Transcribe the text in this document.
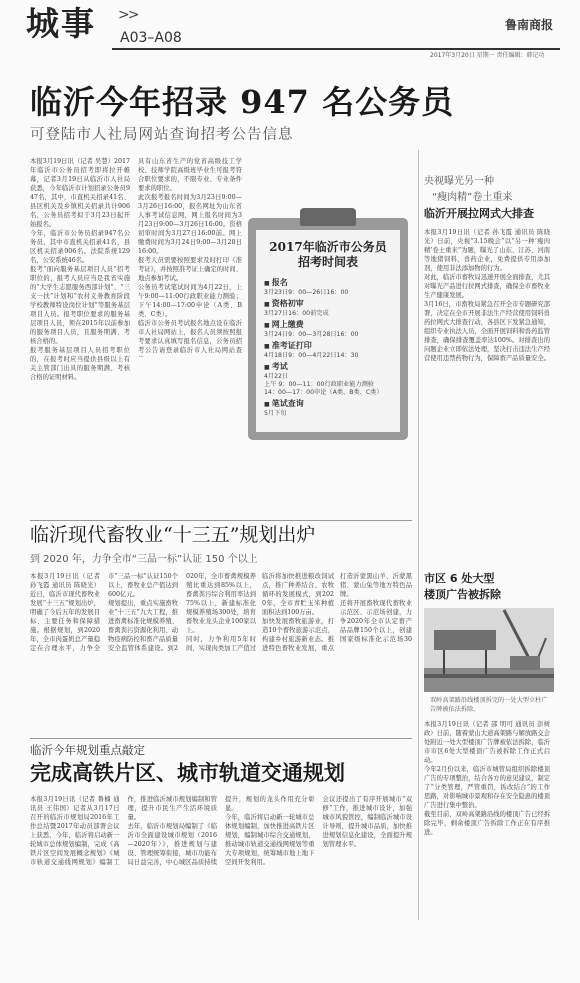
城事 >>
A03–A08
鲁南商报
2017年3月20日 星期一 责任编辑：韩记功
临沂今年招录 947 名公务员
可登陆市人社局网站查询招考公告信息
本报3月19日讯（记者 吴慧）2017年临沂市公务员招考即将拉开帷幕，记者3月19日从临沂市人社局获悉，今年临沂市计划招录公务员947名，其中，市直机关招录41名、县区机关及乡镇机关招录共计906名，公务员招考拟于3月23日起开始报名。
今年，临沂市公务员招录947名公务员，其中市直机关招录41名，县区机关招录906名。法院系统129名，公安系统46名。
报考“面向服务基层项目人员”招考职位的，报考人员应当是我省实施的“大学生志愿服务西部计划”、“三支一扶”计划和“农村义务教育阶段学校教师特设岗位计划”等服务基层项目人员。报考职位要求的服务基层项目人员，须在2015年以前参加的服务项目人员，且服务期满、考核合格的。
报考服务基层项目人员招考职位的，在报考时应当提供县级以上有关主管部门出具的服务期满、考核合格的证明材料。
具有山东省生产的党省高级技工学校、技师学院高级班毕业生可报考符合职位要求的，不限专业、专业条件要求的职位。
此次报考报名时间为3月23日9:00—3月26日16:00，报名网址为山东省人事考试信息网，网上报名时间为3月23日9:00—3月26日16:00。资格初审时间为3月27日16:00前。网上缴费时间为3月24日9:00—3月28日16:00。
报考人员需要按照要求及时打印《准考证》，并按照准考证上确定的时间、地点参加考试。
公务员考试笔试时间为4月22日，上午9:00—11:00行政职业能力测验；下午14:00—17:00申论（A类、B类、C类）。
临沂市公务员考试报名地点设在临沂市人社局网站上，报名人员须按照报考要求认真填写报名信息，公务员招考公告请登录临沂市人社局网站查
2017年临沂市公务员
招考时间表
■ 报名
3月23日9：00—26日16：00
■ 资格初审
3月27日16：00前完成
■ 网上缴费
3月24日9：00—3月28日16：00
■ 准考证打印
4月18日9：00—4月22日14：30
■ 考试
4月22日
上午 9：00—11：00行政职业能力测验
14：00—17：00申论（A类、B类、C类）
■ 笔试查询
5月下旬
央视曝光另一种
“瘦肉精”卷土重来
临沂开展拉网式大排查
本报3月19日讯（记者 孙飞霞 通讯员 陈晓光）日前，央视“3.15晚会”以“另一种‘瘦肉精’卷土重来”为题，曝光了山东、江苏、河南等地猪饲料、兽药企业，免费提供专用添加剂，使用非法添加物的行为。
对此，临沂市畜牧局迅速开展全面排查，尤其对曝光产品进行拉网式排查，确保全市畜牧业生产健康发展。
3月16日，市畜牧局紧急召开全市专题研究部署，决定在全市开展非法生产经营使用饲料兽药拉网式大排查行动，各县区下发紧急通知，组织专业执法人员，全面开展饲料和兽药监管排查，确保排查覆盖率达100%。对排查出的问题企业立即依法处理，坚决打击违法生产经营使用违禁药物行为，保障畜产品质量安全。
临沂现代畜牧业“十三五”规划出炉
到 2020 年，力争全市“三品一标”认证 150 个以上
本报3月19日讯（记者 孙飞霞 通讯员 陈晓光）近日，临沂市现代畜牧业发展“十三五”规划出炉，明确了今后五年的发展目标、主要任务和保障措施。根据规划，到2020年，全市肉蛋奶总产量稳定在合理水平，力争全市“三品一标”认证150个以上，畜牧业总产值达到600亿元。
规划提出，重点实施畜牧业“十三五”九大工程，推进畜禽标准化规模养殖、畜禽粪污资源化利用、动物疫病防控和畜产品质量安全监管体系建设。到2020年，全市畜禽规模养殖比重达到85%以上，畜禽粪污综合利用率达到75%以上，新建标准化规模养殖场300处，培育畜牧业龙头企业100家以上。
同时，力争利用5年时间，实现肉类加工产值过
临沂将加快推进粮改饲试点，推广种养结合、农牧循环的发展模式，到2020年，全市青贮玉米种植面积达到100万亩。
加快发展畜牧旅游业，打造10个畜牧旅游示范点，构建乡村旅游新业态。推进特色畜牧业发展，重点打造沂蒙黑山羊、沂蒙黑猪、蒙山兔等地方特色品牌。
还将开展畜牧现代畜牧业示范区、示范场创建，力争2020年全市认定畜产品品牌150个以上，创建国家级标准化示范场30
临沂今年规划重点敲定
完成高铁片区、城市轨道交通规划
本报3月19日讯（记者 鲁楠 通讯员 王伟国）记者从3月17日召开的临沂市规划局2016年工作总结暨2017年动员部署会议上获悉，今年，临沂将启动新一轮城市总体规划编制，完成《高铁片区空间发展概念规划》《城市轨道交通线网规划》编制工作，推进临沂城市规划编制和管理，提升市民生产生活环境质量。
去年，临沂市规划局编制了《临沂市全面建设城市规划（2016—2020年）》，推进规划与建设、管理统筹衔接，城市功能布局日益完善，中心城区品质持续提升，规划的龙头作用充分彰显。
今年，临沂将启动新一轮城市总体规划编制，加快推进高铁片区规划，编制城市综合交通规划，推动城市轨道交通线网规划等重大专项规划，统筹城市地上地下空间开发利用。
会议还提出了有序开展城市“双修”工作，推进城市设计，加强城市风貌管控，编制临沂城市设计导则，提升城市品质，加快推进规划信息化建设，全面提升规划管理水平。
市区 6 处大型
楼顶广告被拆除
双岭高架路沿线楼顶拆完的一处大型立柱广告牌被依法拆除。
本报3月19日讯（记者 邵 明可 通讯员 彭树政）日前，随着蒙山大道高架路与解放路交会处附近一处大型楼顶广告牌被依法拆除，临沂市市区6处大型楼顶广告被拆除工作正式启动。
今年2月份以来，临沂市城管局组织拆除楼顶广告的专项整治，结合各方的意见建议，制定了“分类管理，严管重罚，拆改结合”的工作思路，对影响城市景观和存在安全隐患的楼顶广告进行集中整治。
截至目前，双岭高架路沿线的楼顶广告已经拆除完毕，剩余楼顶广告拆除工作正在有序推进。
